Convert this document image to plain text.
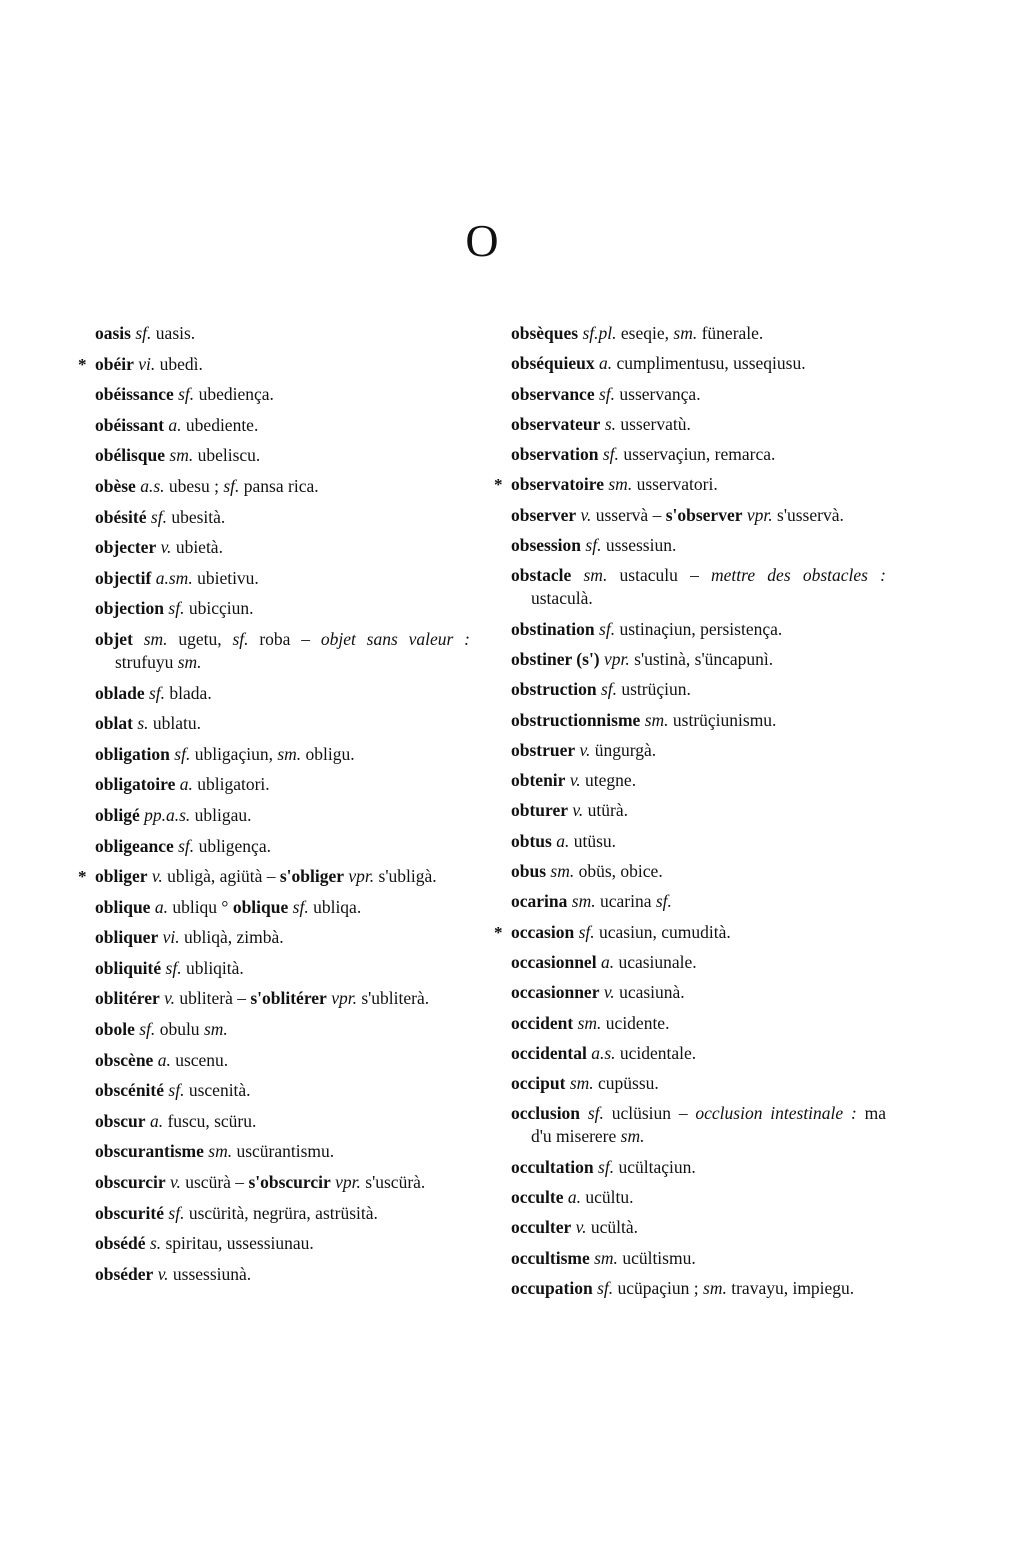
O
oasis sf. uasis.
* obéir vi. ubedì.
obéissance sf. ubediença.
obéissant a. ubediente.
obélisque sm. ubeliscu.
obèse a.s. ubesu ; sf. pansa rica.
obésité sf. ubesità.
objecter v. ubietà.
objectif a.sm. ubietivu.
objection sf. ubicçiun.
objet sm. ugetu, sf. roba – objet sans valeur : strufuyu sm.
oblade sf. blada.
oblat s. ublatu.
obligation sf. ubligaçiun, sm. obligu.
obligatoire a. ubligatori.
obligé pp.a.s. ubligau.
obligeance sf. ubligença.
* obliger v. ubligà, agiütà – s'obliger vpr. s'ubligà.
oblique a. ubliqu ° oblique sf. ubliqa.
obliquer vi. ubliqà, zimbà.
obliquité sf. ubliqità.
oblitérer v. ubliterà – s'oblitérer vpr. s'ubliterà.
obole sf. obulu sm.
obscène a. uscenu.
obscénité sf. uscenità.
obscur a. fuscu, scüru.
obscurantisme sm. uscürantismu.
obscurcir v. uscürà – s'obscurcir vpr. s'uscürà.
obscurité sf. uscürità, negrüra, astrüsità.
obsédé s. spiritau, ussessiunau.
obséder v. ussessiunà.
obsèques sf.pl. eseqie, sm. fünerale.
obséquieux a. cumplimentusu, usseqiusu.
observance sf. usservança.
observateur s. usservatù.
observation sf. usservaçiun, remarca.
* observatoire sm. usservatori.
observer v. usservà – s'observer vpr. s'usservà.
obsession sf. ussessiun.
obstacle sm. ustaculu – mettre des obstacles : ustaculà.
obstination sf. ustinaçiun, persistença.
obstiner (s') vpr. s'ustinà, s'üncapunì.
obstruction sf. ustrüçiun.
obstructionnisme sm. ustrüçiunismu.
obstruer v. üngurgà.
obtenir v. utegne.
obturer v. utürà.
obtus a. utüsu.
obus sm. obüs, obice.
ocarina sm. ucarina sf.
* occasion sf. ucasiun, cumudità.
occasionnel a. ucasiunale.
occasionner v. ucasiunà.
occident sm. ucidente.
occidental a.s. ucidentale.
occiput sm. cupüssu.
occlusion sf. uclüsiun – occlusion intestinale : ma d'u miserere sm.
occultation sf. ucültaçiun.
occulte a. ucültu.
occulter v. ucültà.
occultisme sm. ucültismu.
occupation sf. ucüpaçiun ; sm. travayu, impiegu.
